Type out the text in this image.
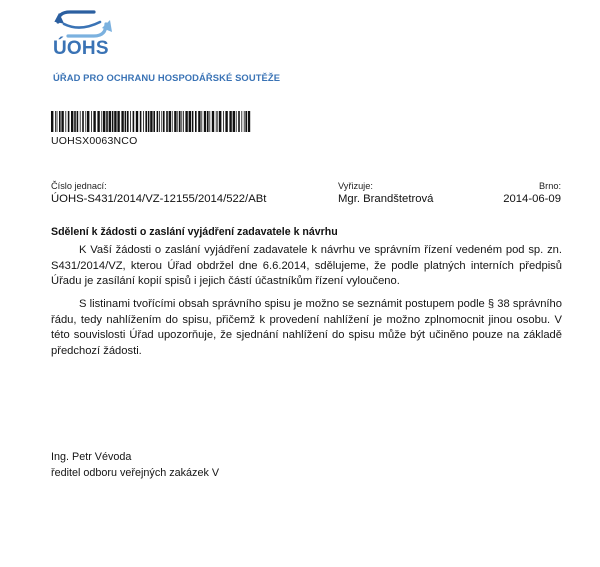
ÚOHS
ÚŘAD PRO OCHRANU HOSPODÁŘSKÉ SOUTĚŽE
UOHSX0063NCO
Číslo jednací:
ÚOHS-S431/2014/VZ-12155/2014/522/ABt
Vyřizuje:
Mgr. Brandštetrová
Brno:
2014-06-09
Sdělení k žádosti o zaslání vyjádření zadavatele k návrhu

K Vaší žádosti o zaslání vyjádření zadavatele k návrhu ve správním řízení vedeném pod sp. zn. S431/2014/VZ, kterou Úřad obdržel dne 6.6.2014, sdělujeme, že podle platných interních předpisů Úřadu je zasílání kopií spisů i jejich částí účastníkům řízení vyloučeno.

S listinami tvořícími obsah správního spisu je možno se seznámit postupem podle § 38 správního řádu, tedy nahlížením do spisu, přičemž k provedení nahlížení je možno zplnomocnit jinou osobu. V této souvislosti Úřad upozorňuje, že sjednání nahlížení do spisu může být učiněno pouze na základě předchozí žádosti.

Ing. Petr Vévoda
ředitel odboru veřejných zakázek V
